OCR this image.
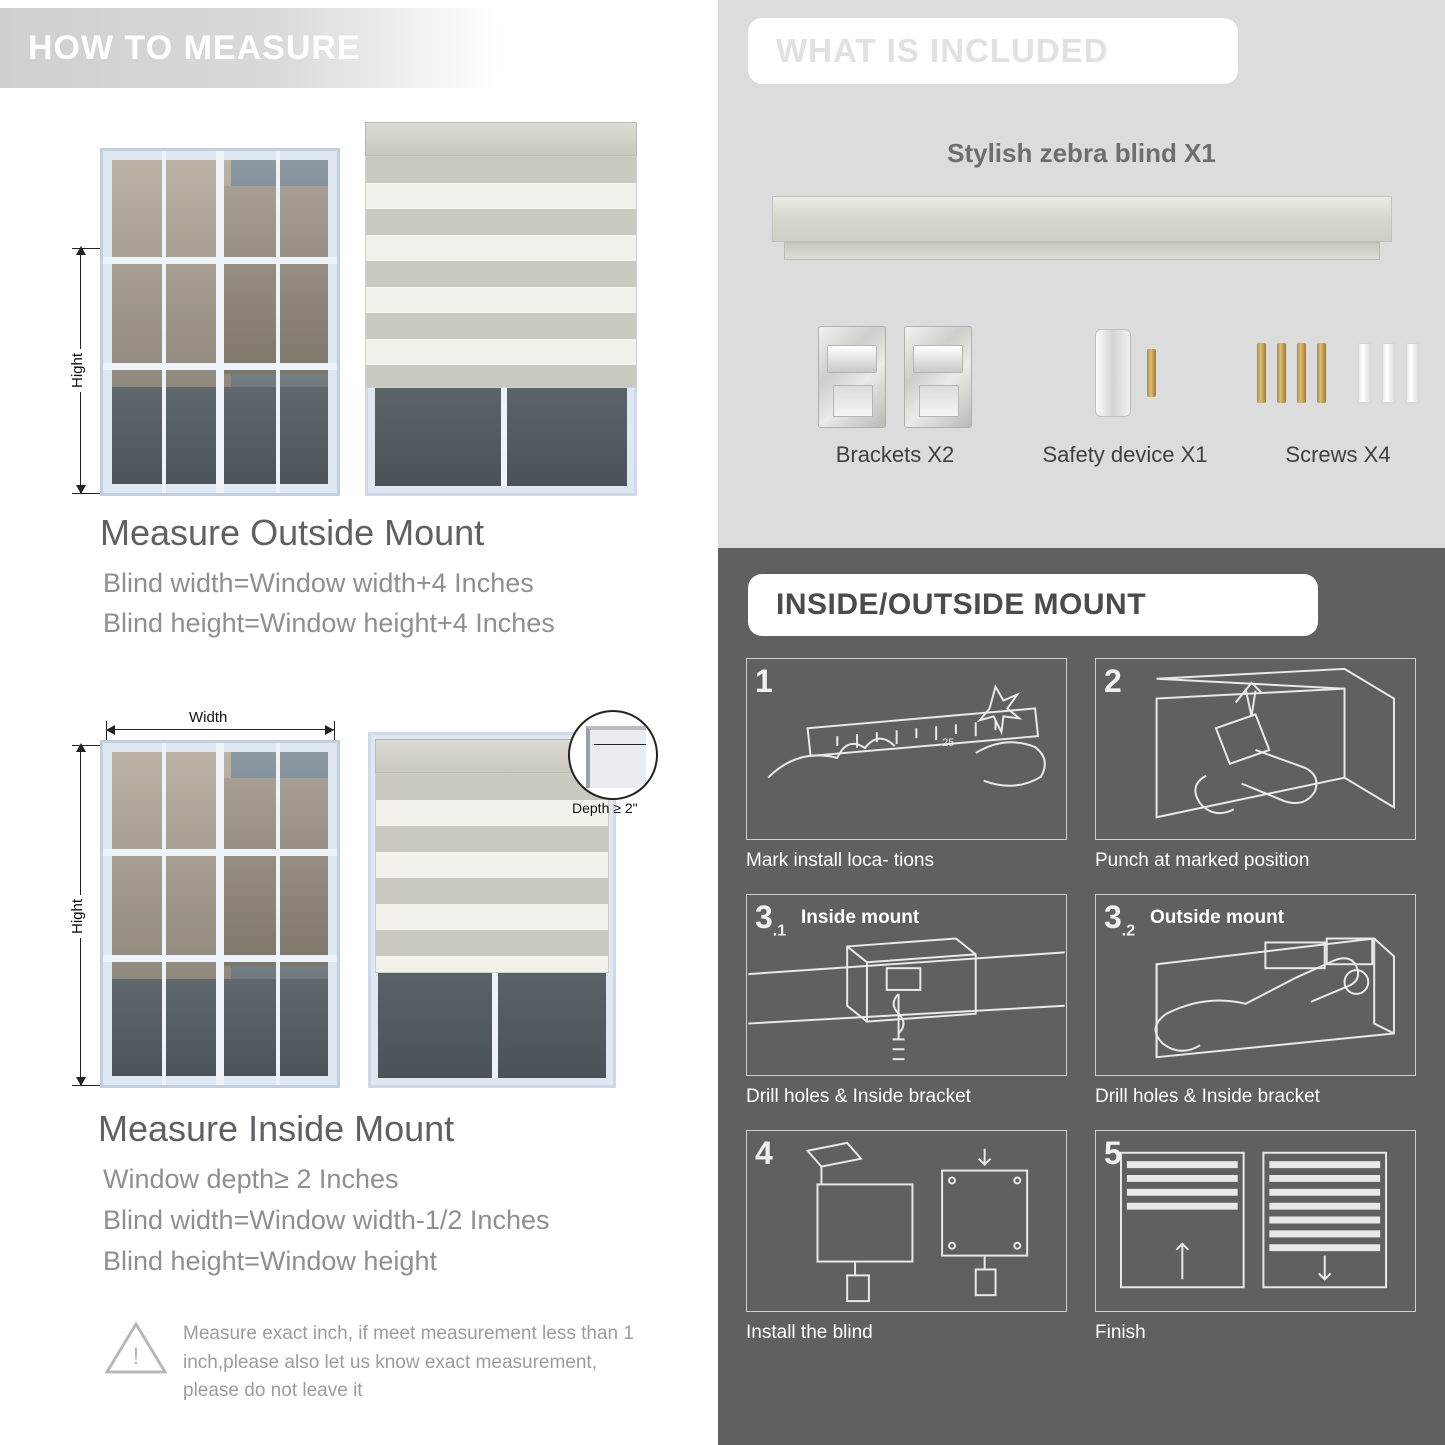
HOW TO MEASURE
Hight
Measure Outside Mount
Blind width=Window width+4 Inches
Blind height=Window height+4 Inches
Width
Hight
Depth ≥ 2"
Measure Inside Mount
Window depth≥ 2 Inches
Blind width=Window width-1/2 Inches
Blind height=Window height
!
Measure exact inch, if meet measurement less than 1 inch,please also let us know exact measurement, please do not leave it
WHAT IS INCLUDED
Stylish zebra blind X1
Brackets X2	Safety device X1	Screws X4
INSIDE/OUTSIDE MOUNT
25
1
Mark install loca- tions
2
Punch at marked position
$3_{.1}$
Inside mount
Drill holes & Inside bracket
$3_{.2}$
Outside mount
Drill holes & Inside bracket
4
Install the blind
5
Finish
